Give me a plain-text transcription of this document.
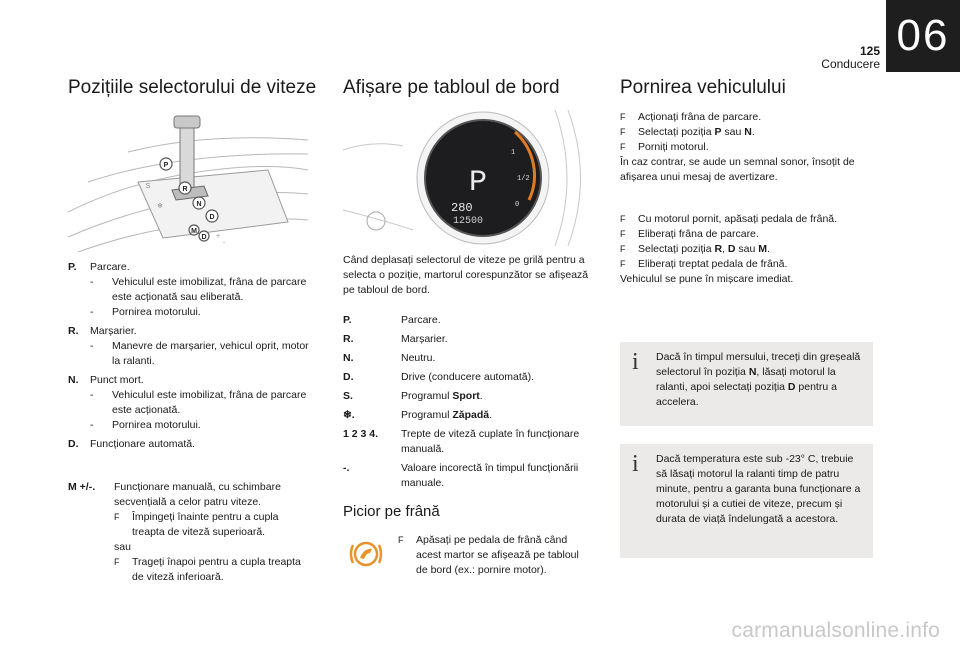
125
Conducere
06
Pozițiile selectorului de viteze
P
R
N
D
M
D
S
❄
+
-
P.	Parcare.
-	Vehiculul este imobilizat, frâna de parcare este acționată sau eliberată.
-	Pornirea motorului.
R.	Marșarier.
-	Manevre de marșarier, vehicul oprit, motor la ralanti.
N.	Punct mort.
-	Vehiculul este imobilizat, frâna de parcare este acționată.
-	Pornirea motorului.
D.	Funcționare automată.
M +/-.	Funcționare manuală, cu schimbare secvențială a celor patru viteze.
F	Împingeți înainte pentru a cupla treapta de viteză superioară.
sau
F	Trageți înapoi pentru a cupla treapta de viteză inferioară.
Afișare pe tabloul de bord
1
1/2
0
P
280
12500

Când deplasați selectorul de viteze pe grilă pentru a selecta o poziție, martorul corespunzător se afișează pe tabloul de bord.

P.	Parcare.
R.	Marșarier.
N.	Neutru.
D.	Drive (conducere automată).
S.	Programul Sport.
❄.	Programul Zăpadă.
1 2 3 4.	Trepte de viteză cuplate în funcționare manuală.
-.	Valoare incorectă în timpul funcționării manuale.
Picior pe frână
F	Apăsați pe pedala de frână când acest martor se afișează pe tabloul de bord (ex.: pornire motor).
Pornirea vehiculului
F	Acționați frâna de parcare.
F	Selectați poziția P sau N.
F	Porniți motorul.
În caz contrar, se aude un semnal sonor, însoțit de afișarea unui mesaj de avertizare.
F	Cu motorul pornit, apăsați pedala de frână.
F	Eliberați frâna de parcare.
F	Selectați poziția R, D sau M.
F	Eliberați treptat pedala de frână.
Vehiculul se pune în mișcare imediat.
i Dacă în timpul mersului, treceți din greșeală selectorul în poziția N, lăsați motorul la ralanti, apoi selectați poziția D pentru a accelera.
i Dacă temperatura este sub -23° C, trebuie să lăsați motorul la ralanti timp de patru minute, pentru a garanta buna funcționare a motorului și a cutiei de viteze, precum și durata de viață îndelungată a acestora.
carmanualsonline.info
